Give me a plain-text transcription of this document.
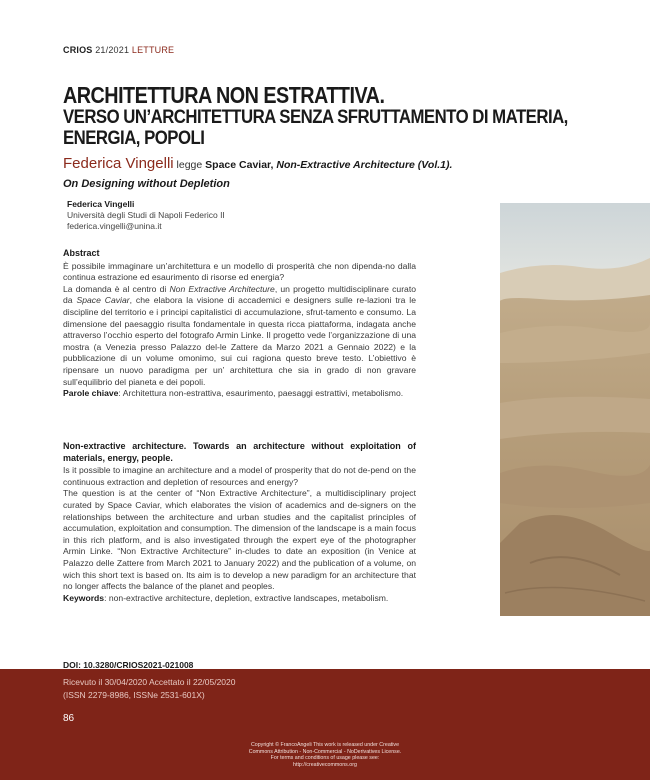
CRIOS 21/2021 LETTURE
ARCHITETTURA NON ESTRATTIVA.
VERSO UN’ARCHITETTURA SENZA SFRUTTAMENTO DI MATERIA,
ENERGIA, POPOLI
Federica Vingelli legge Space Caviar, Non-Extractive Architecture (Vol.1).
On Designing without Depletion
Federica Vingelli
Università degli Studi di Napoli Federico II
federica.vingelli@unina.it
Abstract

È possibile immaginare un’architettura e un modello di prosperità che non dipenda-no dalla continua estrazione ed esaurimento di risorse ed energia?

La domanda è al centro di Non Extractive Architecture, un progetto multidisciplinare curato da Space Caviar, che elabora la visione di accademici e designers sulle re-lazioni tra le discipline del territorio e i principi capitalistici di accumulazione, sfrut-tamento e consumo. La dimensione del paesaggio risulta fondamentale in questa ricca piattaforma, indagata anche attraverso l’occhio esperto del fotografo Armin Linke. Il progetto vede l’organizzazione di una mostra (a Venezia presso Palazzo del-le Zattere da Marzo 2021 a Gennaio 2022) e la pubblicazione di un volume omonimo, sui cui ragiona questo breve testo. L’obiettivo è ripensare un nuovo paradigma per un’ architettura che sia in grado di non gravare sull’equilibrio del pianeta e dei popoli.

Parole chiave: Architettura non-estrattiva, esaurimento, paesaggi estrattivi, metabolismo.

Non-extractive architecture. Towards an architecture without exploitation of materials, energy, people.

Is it possible to imagine an architecture and a model of prosperity that do not de-pend on the continuous extraction and depletion of resources and energy?

The question is at the center of “Non Extractive Architecture”, a multidisciplinary project curated by Space Caviar, which elaborates the vision of academics and de-signers on the relationships between the architecture and urban studies and the capitalist principles of accumulation, exploitation and consumption. The dimension of the landscape is a main focus in this rich platform, and is also investigated through the expert eye of the photographer Armin Linke. “Non Extractive Architecture” in-cludes to date an exposition (in Venice at Palazzo delle Zattere from March 2021 to January 2022) and the publication of a volume, on wich this short text is based on. Its aim is to develop a new paradigm for an architecture that no longer affects the balance of the planet and peoples.

Keywords: non-extractive architecture, depletion, extractive landscapes, metabolism.

DOI: 10.3280/CRIOS2021-021008
Ricevuto il 30/04/2020 Accettato il 22/05/2020
(ISSN 2279-8986, ISSNe 2531-601X)
86
Copyright © FrancoAngeli This work is released under Creative
Commons Attribution - Non-Commercial - NoDerivatives License.
For terms and conditions of usage please see:
http://creativecommons.org
